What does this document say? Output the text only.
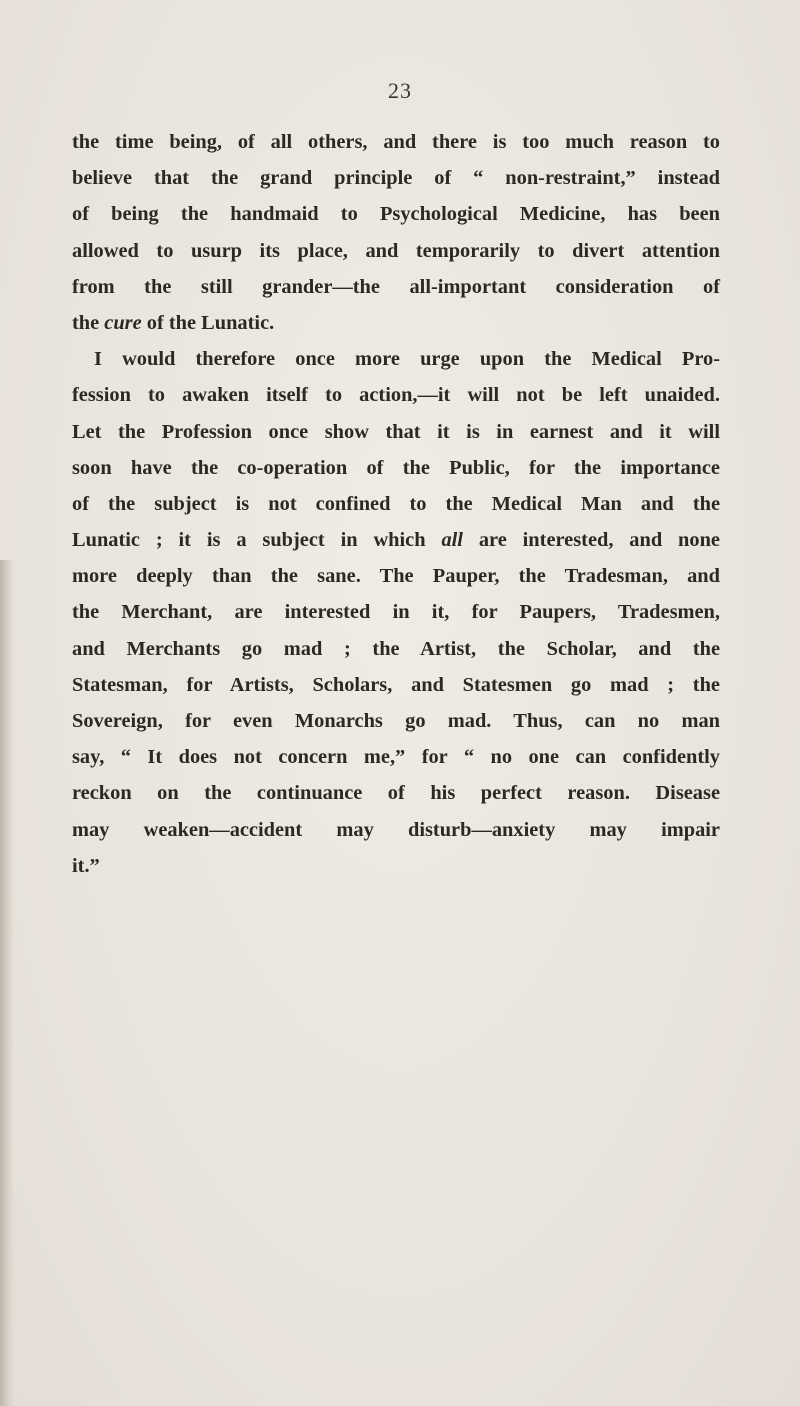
23
the time being, of all others, and there is too much reason to
believe that the grand principle of “ non-restraint,” instead
of being the handmaid to Psychological Medicine, has been
allowed to usurp its place, and temporarily to divert attention
from the still grander—the all-important consideration of
the cure of the Lunatic.
I would therefore once more urge upon the Medical Pro-
fession to awaken itself to action,—it will not be left unaided.
Let the Profession once show that it is in earnest and it will
soon have the co-operation of the Public, for the importance
of the subject is not confined to the Medical Man and the
Lunatic ; it is a subject in which all are interested, and none
more deeply than the sane. The Pauper, the Tradesman, and
the Merchant, are interested in it, for Paupers, Tradesmen,
and Merchants go mad ; the Artist, the Scholar, and the
Statesman, for Artists, Scholars, and Statesmen go mad ; the
Sovereign, for even Monarchs go mad. Thus, can no man
say, “ It does not concern me,” for “ no one can confidently
reckon on the continuance of his perfect reason. Disease
may weaken—accident may disturb—anxiety may impair
it.”
